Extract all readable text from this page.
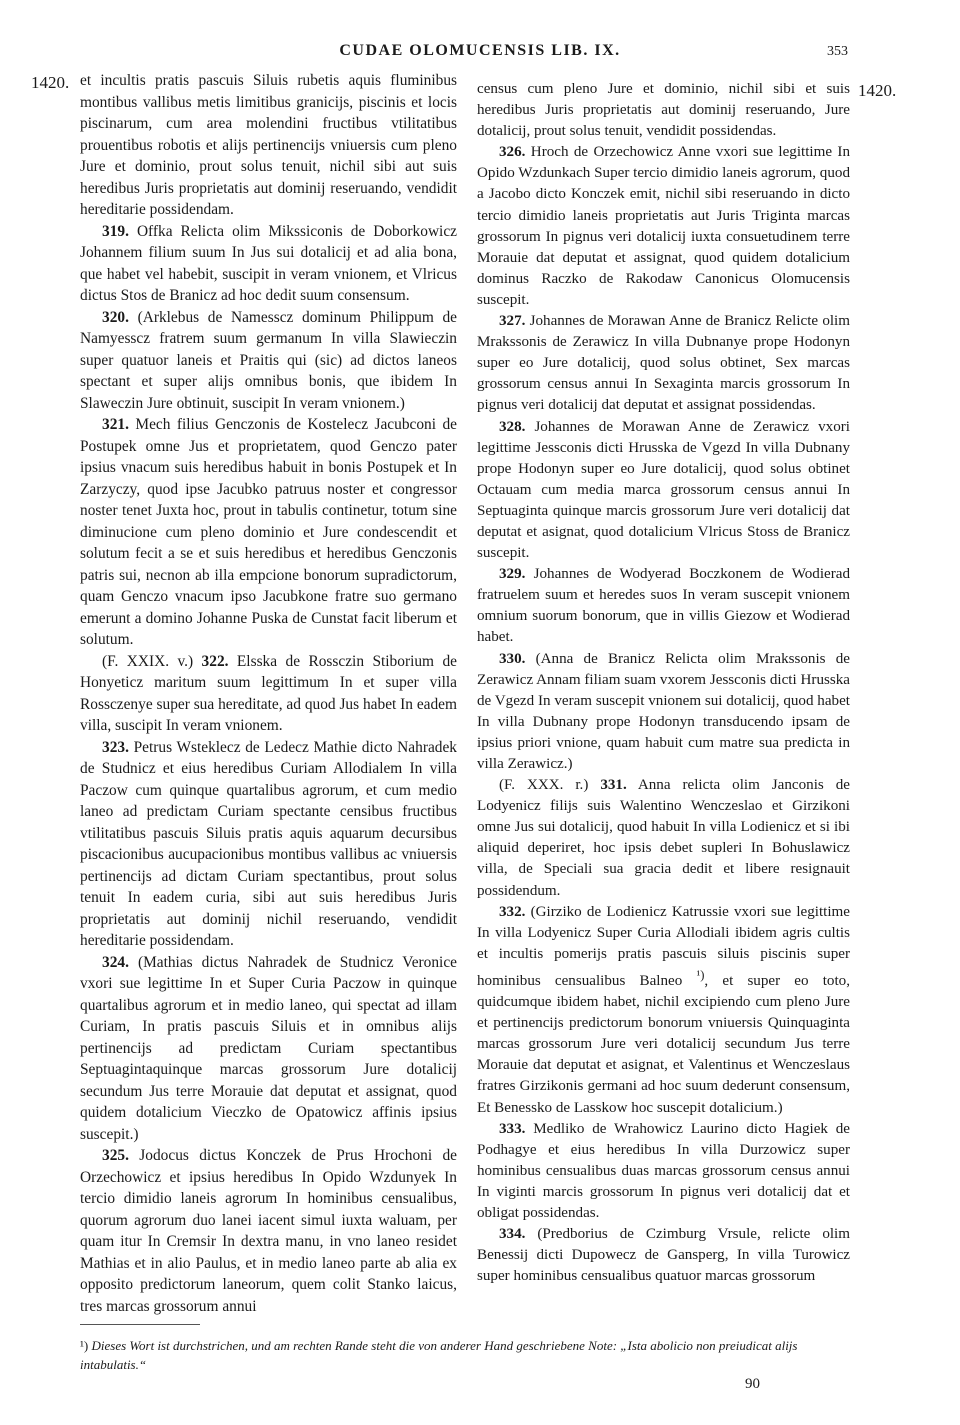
CUDAE OLOMUCENSIS LIB. IX.	353
1420.	1420.

et incultis pratis pascuis Siluis rubetis aquis fluminibus montibus vallibus metis limitibus granicijs, piscinis et locis piscinarum, cum area molendini fructibus vtilitatibus prouentibus robotis et alijs pertinencijs vniuersis cum pleno Jure et dominio, prout solus tenuit, nichil sibi aut suis heredibus Juris proprietatis aut dominij reseruando, vendidit hereditarie possidendam.

319. Offka Relicta olim Mikssiconis de Doborkowicz Johannem filium suum In Jus sui dotalicij et ad alia bona, que habet vel habebit, suscipit in veram vnionem, et Vlricus dictus Stos de Branicz ad hoc dedit suum consensum.

320. (Arklebus de Namesscz dominum Philippum de Namyessсz fratrem suum germanum In villa Slawieczin super quatuor laneis et Praitis qui (sic) ad dictos laneos spectant et super alijs omnibus bonis, que ibidem In Slaweczin Jure obtinuit, suscipit In veram vnionem.)

321. Mech filius Genczonis de Kostelecz Jacubconi de Postupek omne Jus et proprietatem, quod Genczo pater ipsius vnacum suis heredibus habuit in bonis Postupek et In Zarzyczy, quod ipse Jacubko patruus noster et congressor noster tenet Juxta hoc, prout in tabulis continetur, totum sine diminucione cum pleno dominio et Jure condescendit et solutum fecit a se et suis heredibus et heredibus Genczonis patris sui, necnon ab illa empcione bonorum supradictorum, quam Genczo vnacum ipso Jacubkone fratre suo germano emerunt a domino Johanne Puska de Cunstat facit liberum et solutum.

(F. XXIX. v.) 322. Elsska de Rossczin Stiborium de Honyeticz maritum suum legittimum In et super villa Rossczenye super sua hereditate, ad quod Jus habet In eadem villa, suscipit In veram vnionem.

323. Petrus Wsteklecz de Ledecz Mathie dicto Nahradek de Studnicz et eius heredibus Curiam Allodialem In villa Paczow cum quinque quartalibus agrorum, et cum medio laneo ad predictam Curiam spectante censibus fructibus vtilitatibus pascuis Siluis pratis aquis aquarum decursibus piscacionibus aucupacionibus montibus vallibus ac vniuersis pertinencijs ad dictam Curiam spectantibus, prout solus tenuit In eadem curia, sibi aut suis heredibus Juris proprietatis aut dominij nichil reseruando, vendidit hereditarie possidendam.

324. (Mathias dictus Nahradek de Studnicz Veronice vxori sue legittime In et Super Curia Paczow in quinque quartalibus agrorum et in medio laneo, qui spectat ad illam Curiam, In pratis pascuis Siluis et in omnibus alijs pertinencijs ad predictam Curiam spectantibus Septuagintaquinque marcas grossorum Jure dotalicij secundum Jus terre Morauie dat deputat et assignat, quod quidem dotalicium Vieczko de Opatowicz affinis ipsius suscepit.)

325. Jodocus dictus Konczek de Prus Hrochoni de Orzechowicz et ipsius heredibus In Opido Wzdunyek In tercio dimidio laneis agrorum In hominibus censualibus, quorum agrorum duo lanei iacent simul iuxta waluam, per quam itur In Cremsir In dextra manu, in vno laneo residet Mathias et in alio Paulus, et in medio laneo parte ab alia ex opposito predictorum laneorum, quem colit Stanko laicus, tres marcas grossorum annui

census cum pleno Jure et dominio, nichil sibi et suis heredibus Juris proprietatis aut dominij reseruando, Jure dotalicij, prout solus tenuit, vendidit possidendas.

326. Hroch de Orzechowicz Anne vxori sue legittime In Opido Wzdunkach Super tercio dimidio laneis agrorum, quod a Jacobo dicto Konczek emit, nichil sibi reseruando in dicto tercio dimidio laneis proprietatis aut Juris Triginta marcas grossorum In pignus veri dotalicij iuxta consuetudinem terre Morauie dat deputat et assignat, quod quidem dotalicium dominus Raczko de Rakodaw Canonicus Olomucensis suscepit.

327. Johannes de Morawan Anne de Branicz Relicte olim Mrakssonis de Zerawicz In villa Dubnanye prope Hodonyn super eo Jure dotalicij, quod solus obtinet, Sex marcas grossorum census annui In Sexaginta marcis grossorum In pignus veri dotalicij dat deputat et assignat possidendas.

328. Johannes de Morawan Anne de Zerawicz vxori legittime Jessconis dicti Hrusska de Vgezd In villa Dubnany prope Hodonyn super eo Jure dotalicij, quod solus obtinet Octauam cum media marca grossorum census annui In Septuaginta quinque marcis grossorum Jure veri dotalicij dat deputat et asignat, quod dotalicium Vlricus Stoss de Branicz suscepit.

329. Johannes de Wodyerad Boczkonem de Wodierad fratruelem suum et heredes suos In veram suscepit vnionem omnium suorum bonorum, que in villis Giezow et Wodierad habet.

330. (Anna de Branicz Relicta olim Mrakssonis de Zerawicz Annam filiam suam vxorem Jessconis dicti Hrusska de Vgezd In veram suscepit vnionem sui dotalicij, quod habet In villa Dubnany prope Hodonyn transducendo ipsam de ipsius priori vnione, quam habuit cum matre sua predicta in villa Zerawicz.)

(F. XXX. r.) 331. Anna relicta olim Janconis de Lodyenicz filijs suis Walentino Wenczeslao et Girzikoni omne Jus sui dotalicij, quod habuit In villa Lodienicz et si ibi aliquid deperiret, hoc ipsis debet supleri In Bohuslawicz villa, de Speciali sua gracia dedit et libere resignauit possidendum.

332. (Girziko de Lodienicz Katrussie vxori sue legittime In villa Lodyenicz Super Curia Allodiali ibidem agris cultis et incultis pomerijs pratis pascuis siluis piscinis super hominibus censualibus Balneo $^{^1)}$, et super eo toto, quidcumque ibidem habet, nichil excipiendo cum pleno Jure et pertinencijs predictorum bonorum vniuersis Quinquaginta marcas grossorum Jure veri dotalicij secundum Jus terre Morauie dat deputat et asignat, et Valentinus et Wenczeslaus fratres Girzikonis germani ad hoc suum dederunt consensum, Et Benessko de Lasskow hoc suscepit dotalicium.)

333. Medliko de Wrahowicz Laurino dicto Hagiek de Podhagye et eius heredibus In villa Durzowicz super hominibus censualibus duas marcas grossorum census annui In viginti marcis grossorum In pignus veri dotalicij dat et obligat possidendas.

334. (Predborius de Czimburg Vrsule, relicte olim Benessij dicti Dupowecz de Gansperg, In villa Turowicz super hominibus censualibus quatuor marcas grossorum

¹) Dieses Wort ist durchstrichen, und am rechten Rande steht die von anderer Hand geschriebene Note: „Ista abolicio non preiudicat alijs intabulatis.“
90
